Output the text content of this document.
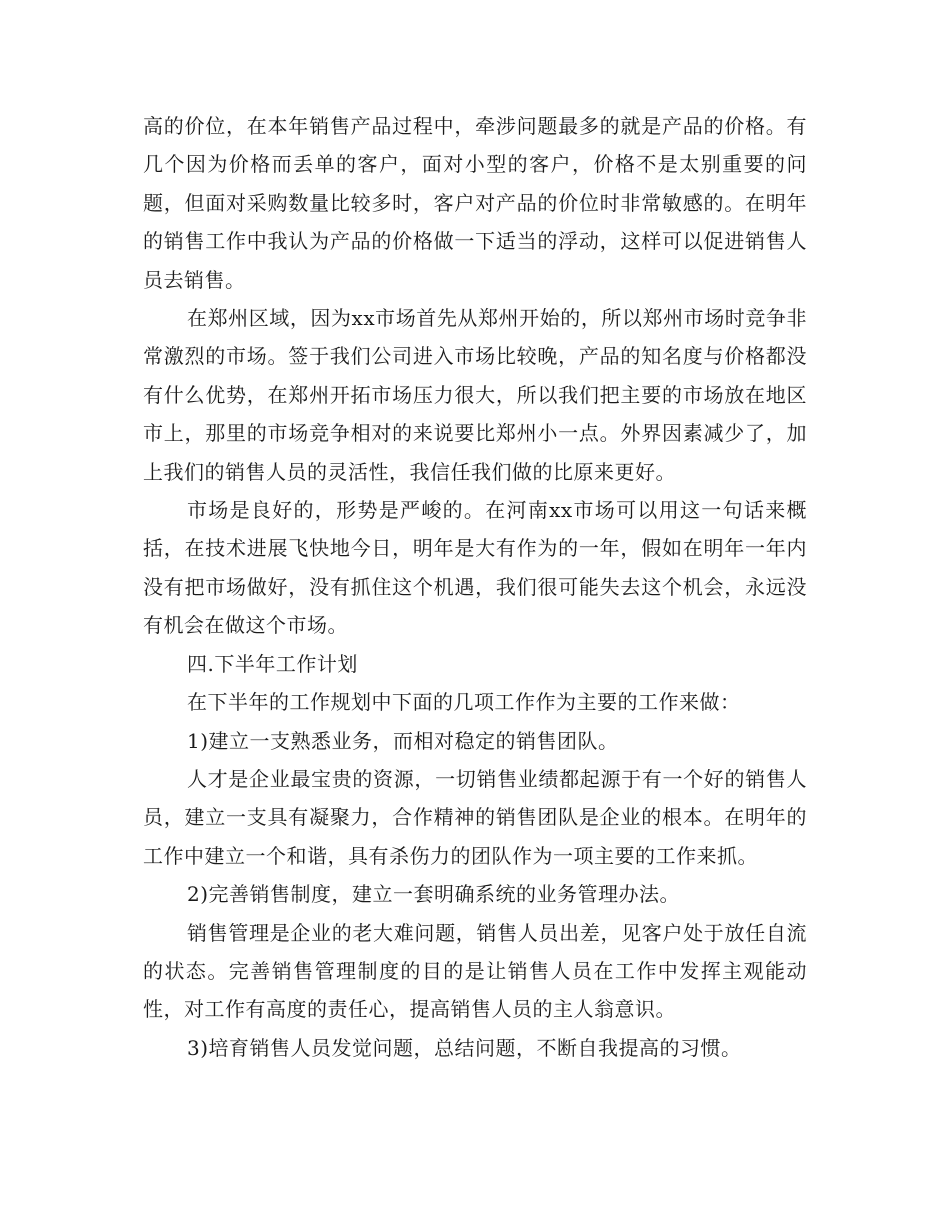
高的价位，在本年销售产品过程中，牵涉问题最多的就是产品的价格。有几个因为价格而丢单的客户，面对小型的客户，价格不是太别重要的问题，但面对采购数量比较多时，客户对产品的价位时非常敏感的。在明年的销售工作中我认为产品的价格做一下适当的浮动，这样可以促进销售人员去销售。

在郑州区域，因为xx市场首先从郑州开始的，所以郑州市场时竞争非常激烈的市场。签于我们公司进入市场比较晚，产品的知名度与价格都没有什么优势，在郑州开拓市场压力很大，所以我们把主要的市场放在地区市上，那里的市场竞争相对的来说要比郑州小一点。外界因素减少了，加上我们的销售人员的灵活性，我信任我们做的比原来更好。

市场是良好的，形势是严峻的。在河南xx市场可以用这一句话来概括，在技术进展飞快地今日，明年是大有作为的一年，假如在明年一年内没有把市场做好，没有抓住这个机遇，我们很可能失去这个机会，永远没有机会在做这个市场。

四.下半年工作计划

在下半年的工作规划中下面的几项工作作为主要的工作来做：

1)建立一支熟悉业务，而相对稳定的销售团队。

人才是企业最宝贵的资源，一切销售业绩都起源于有一个好的销售人员，建立一支具有凝聚力，合作精神的销售团队是企业的根本。在明年的工作中建立一个和谐，具有杀伤力的团队作为一项主要的工作来抓。

2)完善销售制度，建立一套明确系统的业务管理办法。

销售管理是企业的老大难问题，销售人员出差，见客户处于放任自流的状态。完善销售管理制度的目的是让销售人员在工作中发挥主观能动性，对工作有高度的责任心，提高销售人员的主人翁意识。

3)培育销售人员发觉问题，总结问题，不断自我提高的习惯。
